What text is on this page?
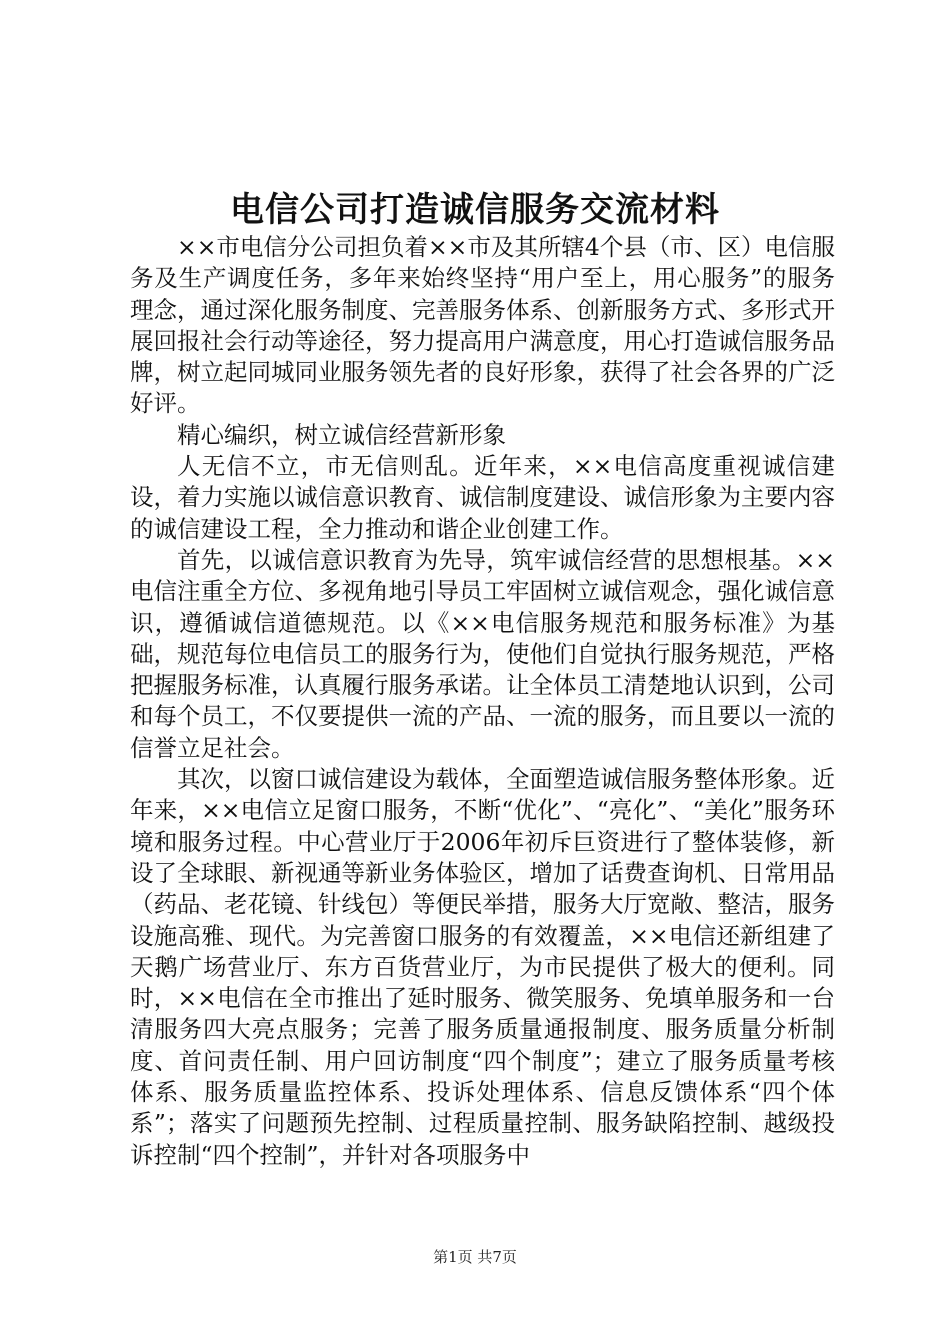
电信公司打造诚信服务交流材料

××市电信分公司担负着××市及其所辖4个县（市、区）电信服务及生产调度任务，多年来始终坚持“用户至上，用心服务”的服务理念，通过深化服务制度、完善服务体系、创新服务方式、多形式开展回报社会行动等途径，努力提高用户满意度，用心打造诚信服务品牌，树立起同城同业服务领先者的良好形象，获得了社会各界的广泛好评。

精心编织，树立诚信经营新形象

人无信不立，市无信则乱。近年来，××电信高度重视诚信建设，着力实施以诚信意识教育、诚信制度建设、诚信形象为主要内容的诚信建设工程，全力推动和谐企业创建工作。

首先，以诚信意识教育为先导，筑牢诚信经营的思想根基。××电信注重全方位、多视角地引导员工牢固树立诚信观念，强化诚信意识，遵循诚信道德规范。以《××电信服务规范和服务标准》为基础，规范每位电信员工的服务行为，使他们自觉执行服务规范，严格把握服务标准，认真履行服务承诺。让全体员工清楚地认识到，公司和每个员工，不仅要提供一流的产品、一流的服务，而且要以一流的信誉立足社会。

其次，以窗口诚信建设为载体，全面塑造诚信服务整体形象。近年来，××电信立足窗口服务，不断“优化”、“亮化”、“美化”服务环境和服务过程。中心营业厅于2006年初斥巨资进行了整体装修，新设了全球眼、新视通等新业务体验区，增加了话费查询机、日常用品（药品、老花镜、针线包）等便民举措，服务大厅宽敞、整洁，服务设施高雅、现代。为完善窗口服务的有效覆盖，××电信还新组建了天鹅广场营业厅、东方百货营业厅，为市民提供了极大的便利。同时，××电信在全市推出了延时服务、微笑服务、免填单服务和一台清服务四大亮点服务；完善了服务质量通报制度、服务质量分析制度、首问责任制、用户回访制度“四个制度”；建立了服务质量考核体系、服务质量监控体系、投诉处理体系、信息反馈体系“四个体系”；落实了问题预先控制、过程质量控制、服务缺陷控制、越级投诉控制“四个控制”，并针对各项服务中

第1页 共7页
